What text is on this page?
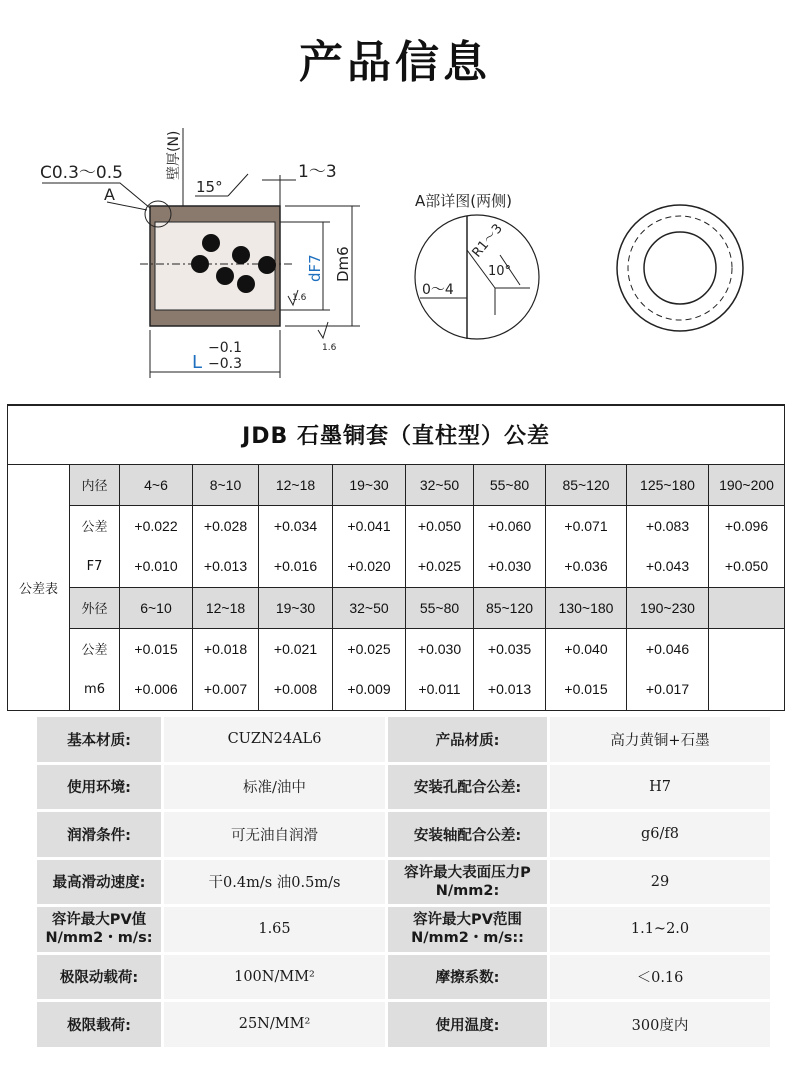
产品信息
C0.3～0.5
A
壁厚(N)
15°
1～3
dF7 Dm6
1.6
1.6
L
−0.1
−0.3
A部详图(两侧)
R1～3
10°
0～4
JDB 石墨铜套（直柱型）公差										
公差表	内径	4~6	8~10	12~18	19~30	32~50	55~80	85~120	125~180	190~200
	公差	+0.022	+0.028	+0.034	+0.041	+0.050	+0.060	+0.071	+0.083	+0.096
	F7	+0.010	+0.013	+0.016	+0.020	+0.025	+0.030	+0.036	+0.043	+0.050
	外径	6~10	12~18	19~30	32~50	55~80	85~120	130~180	190~230	
	公差	+0.015	+0.018	+0.021	+0.025	+0.030	+0.035	+0.040	+0.046	
	m6	+0.006	+0.007	+0.008	+0.009	+0.011	+0.013	+0.015	+0.017	
基本材质:	CUZN24AL6	产品材质:	高力黄铜+石墨
使用环境:	标准/油中	安装孔配合公差:	H7
润滑条件:	可无油自润滑	安装轴配合公差:	g6/f8
最高滑动速度:	干0.4m/s 油0.5m/s	容许最大表面压力P
N/mm2:	29

容许最大PV值
N/mm2・m/s:	1.65	容许最大PV范围
N/mm2・m/s::	1.1~2.0
极限动载荷:	100N/MM²	摩擦系数:	＜0.16
极限载荷:	25N/MM²	使用温度:	300度内
